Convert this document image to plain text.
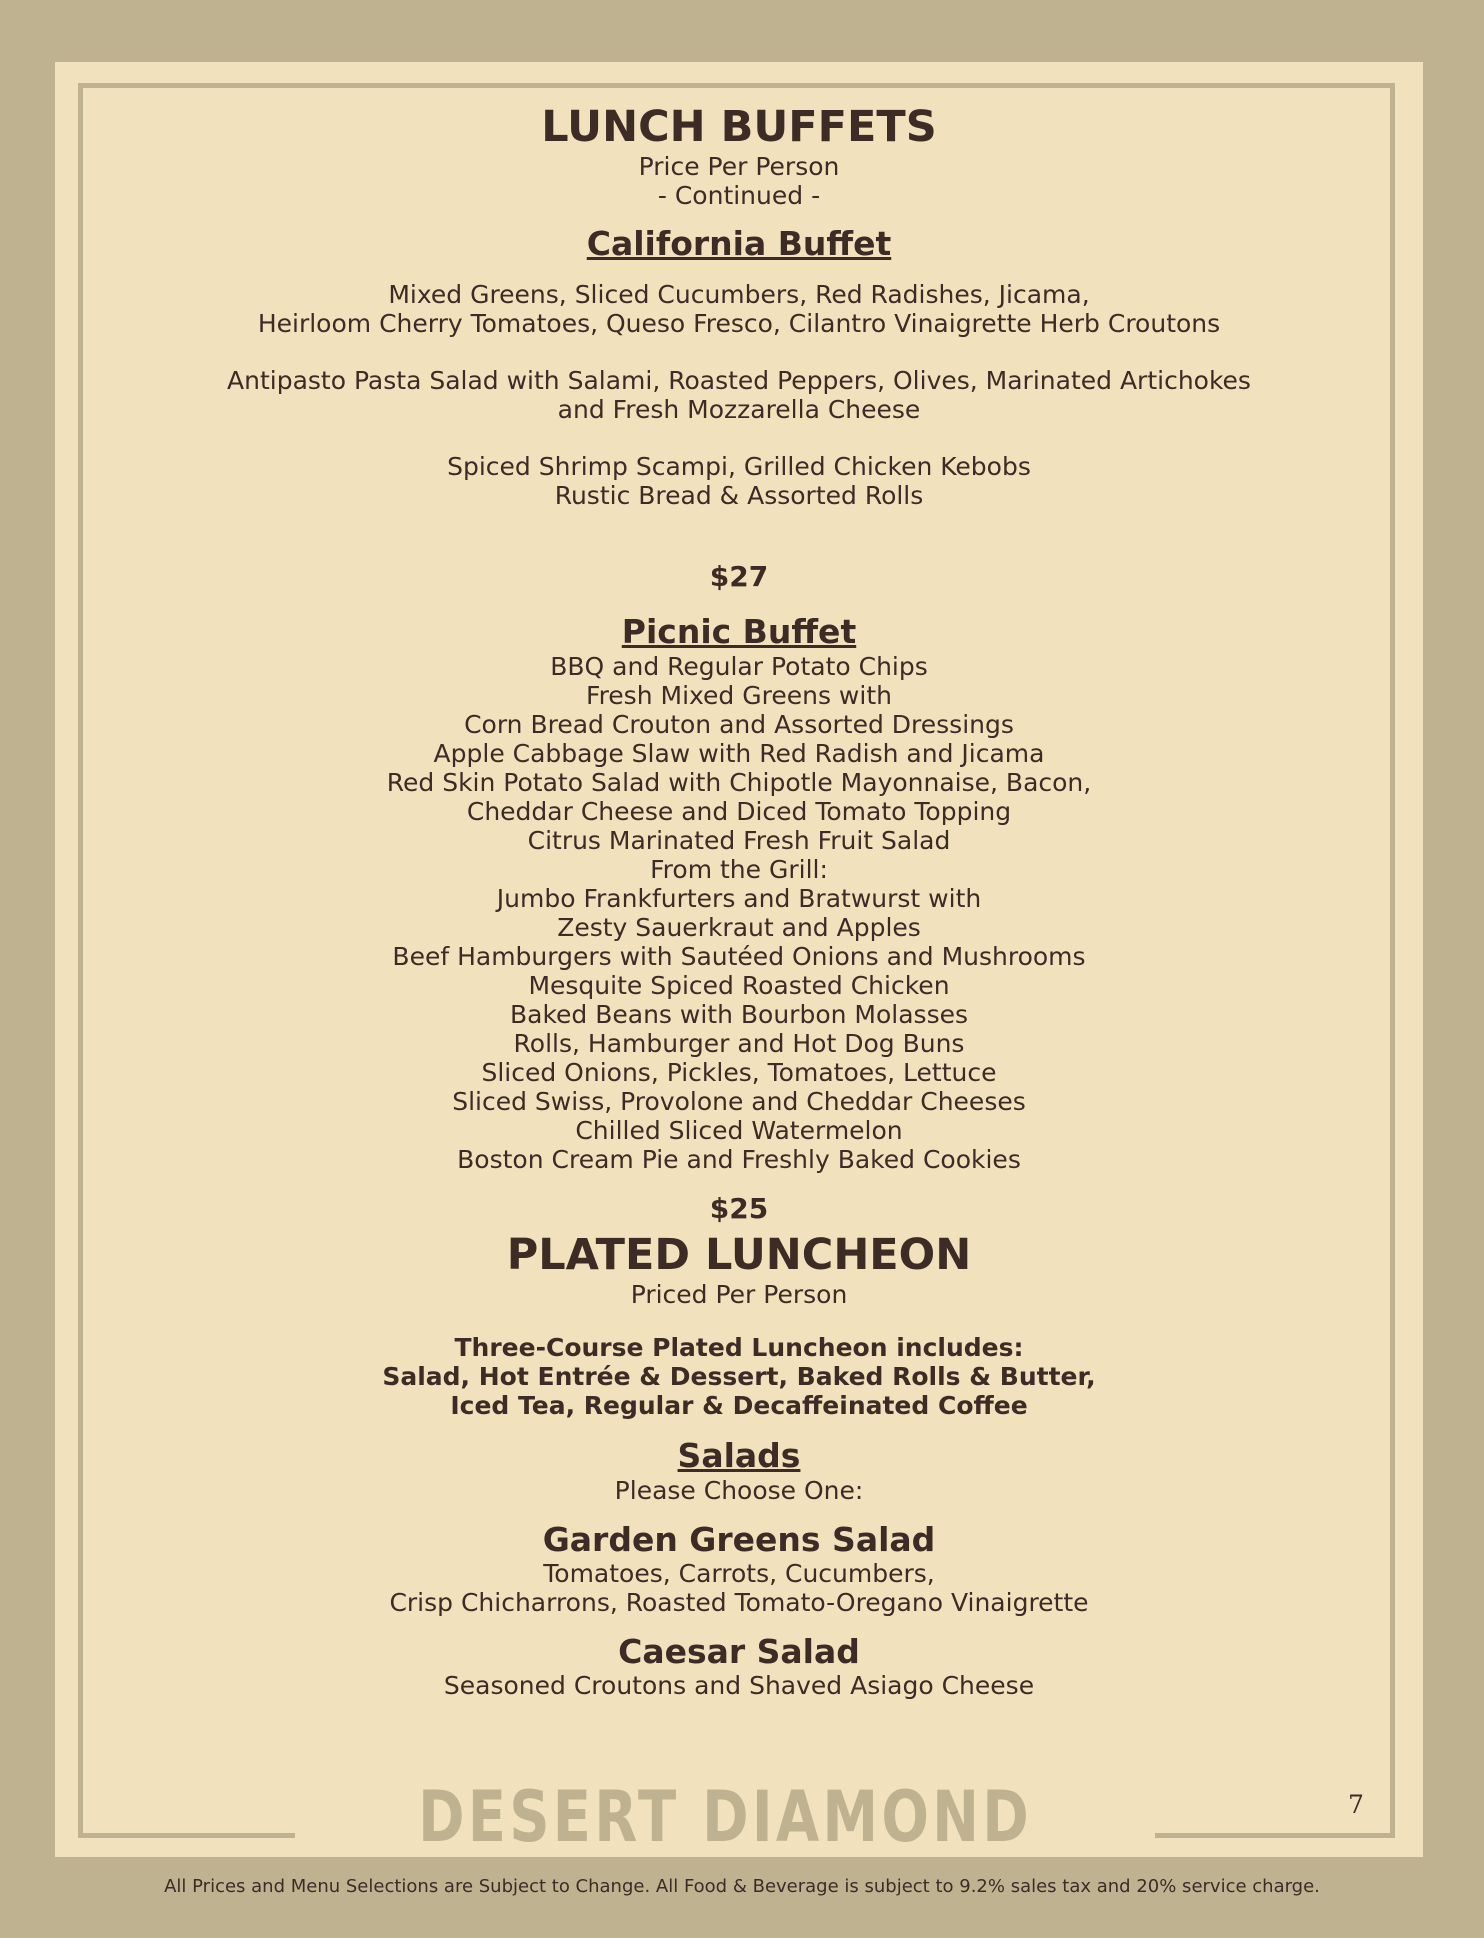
LUNCH BUFFETS

Price Per Person

- Continued -

California Buffet

Mixed Greens, Sliced Cucumbers, Red Radishes, Jicama,

Heirloom Cherry Tomatoes, Queso Fresco, Cilantro Vinaigrette Herb Croutons

Antipasto Pasta Salad with Salami, Roasted Peppers, Olives, Marinated Artichokes

and Fresh Mozzarella Cheese

Spiced Shrimp Scampi, Grilled Chicken Kebobs

Rustic Bread & Assorted Rolls

$27

Picnic Buffet

BBQ and Regular Potato Chips

Fresh Mixed Greens with

Corn Bread Crouton and Assorted Dressings

Apple Cabbage Slaw with Red Radish and Jicama

Red Skin Potato Salad with Chipotle Mayonnaise, Bacon,

Cheddar Cheese and Diced Tomato Topping

Citrus Marinated Fresh Fruit Salad

From the Grill:

Jumbo Frankfurters and Bratwurst with

Zesty Sauerkraut and Apples

Beef Hamburgers with Sautéed Onions and Mushrooms

Mesquite Spiced Roasted Chicken

Baked Beans with Bourbon Molasses

Rolls, Hamburger and Hot Dog Buns

Sliced Onions, Pickles, Tomatoes, Lettuce

Sliced Swiss, Provolone and Cheddar Cheeses

Chilled Sliced Watermelon

Boston Cream Pie and Freshly Baked Cookies

$25

PLATED LUNCHEON

Priced Per Person

Three-Course Plated Luncheon includes:

Salad, Hot Entrée & Dessert, Baked Rolls & Butter,

Iced Tea, Regular & Decaffeinated Coffee

Salads

Please Choose One:

Garden Greens Salad

Tomatoes, Carrots, Cucumbers,

Crisp Chicharrons, Roasted Tomato-Oregano Vinaigrette

Caesar Salad

Seasoned Croutons and Shaved Asiago Cheese

DESERT DIAMOND CASINOS
7
All Prices and Menu Selections are Subject to Change. All Food & Beverage is subject to 9.2% sales tax and 20% service charge.
